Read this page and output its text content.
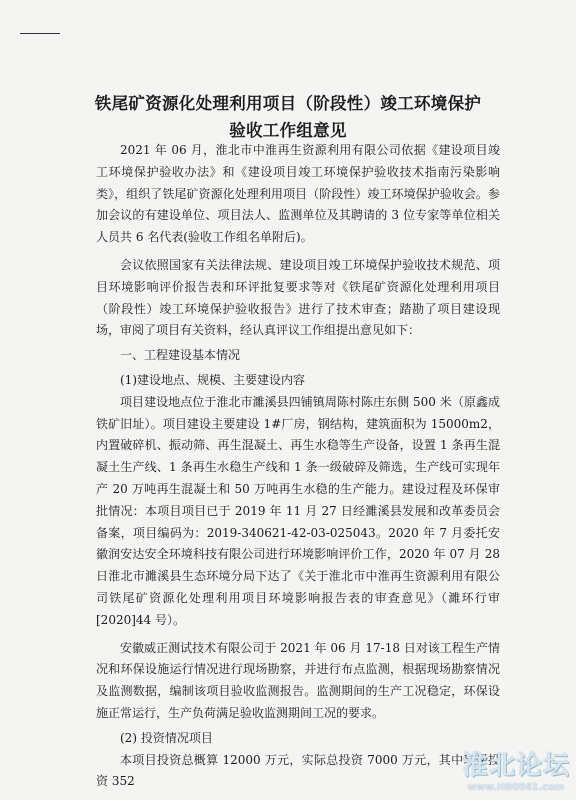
铁尾矿资源化处理利用项目（阶段性）竣工环境保护
验收工作组意见

2021 年 06 月，淮北市中淮再生资源利用有限公司依据《建设项目竣工环境保护验收办法》和《建设项目竣工环境保护验收技术指南污染影响类》，组织了铁尾矿资源化处理利用项目（阶段性）竣工环境保护验收会。参加会议的有建设单位、项目法人、监测单位及其聘请的 3 位专家等单位相关人员共 6 名代表(验收工作组名单附后)。

会议依照国家有关法律法规、建设项目竣工环境保护验收技术规范、项目环境影响评价报告表和环评批复要求等对《铁尾矿资源化处理利用项目（阶段性）竣工环境保护验收报告》进行了技术审查；踏勘了项目建设现场，审阅了项目有关资料，经认真评议工作组提出意见如下：

一、工程建设基本情况

(1)建设地点、规模、主要建设内容

项目建设地点位于淮北市濉溪县四铺镇周陈村陈庄东侧 500 米（原鑫成铁矿旧址）。项目建设主要建设 1#厂房，钢结构，建筑面积为 15000m2，内置破碎机、振动筛、再生混凝土、再生水稳等生产设备，设置 1 条再生混凝土生产线、1 条再生水稳生产线和 1 条一级破碎及筛选，生产线可实现年产 20 万吨再生混凝土和 50 万吨再生水稳的生产能力。建设过程及环保审批情况：本项目项目已于 2019 年 11 月 27 日经濉溪县发展和改革委员会备案，项目编码为：2019-340621-42-03-025043。2020 年 7 月委托安徽润安达安全环境科技有限公司进行环境影响评价工作，2020 年 07 月 28 日淮北市濉溪县生态环境分局下达了《关于淮北市中淮再生资源利用有限公司铁尾矿资源化处理利用项目环境影响报告表的审查意见》（濉环行审[2020]44 号）。

安徽威正测试技术有限公司于 2021 年 06 月 17-18 日对该工程生产情况和环保设施运行情况进行现场勘察，并进行布点监测，根据现场勘察情况及监测数据，编制该项目验收监测报告。监测期间的生产工况稳定，环保设施正常运行，生产负荷满足验收监测期间工况的要求。

(2) 投资情况项目

本项目投资总概算 12000 万元，实际总投资 7000 万元，其中环保投资 352

淮北论坛
www.HB0561.com
